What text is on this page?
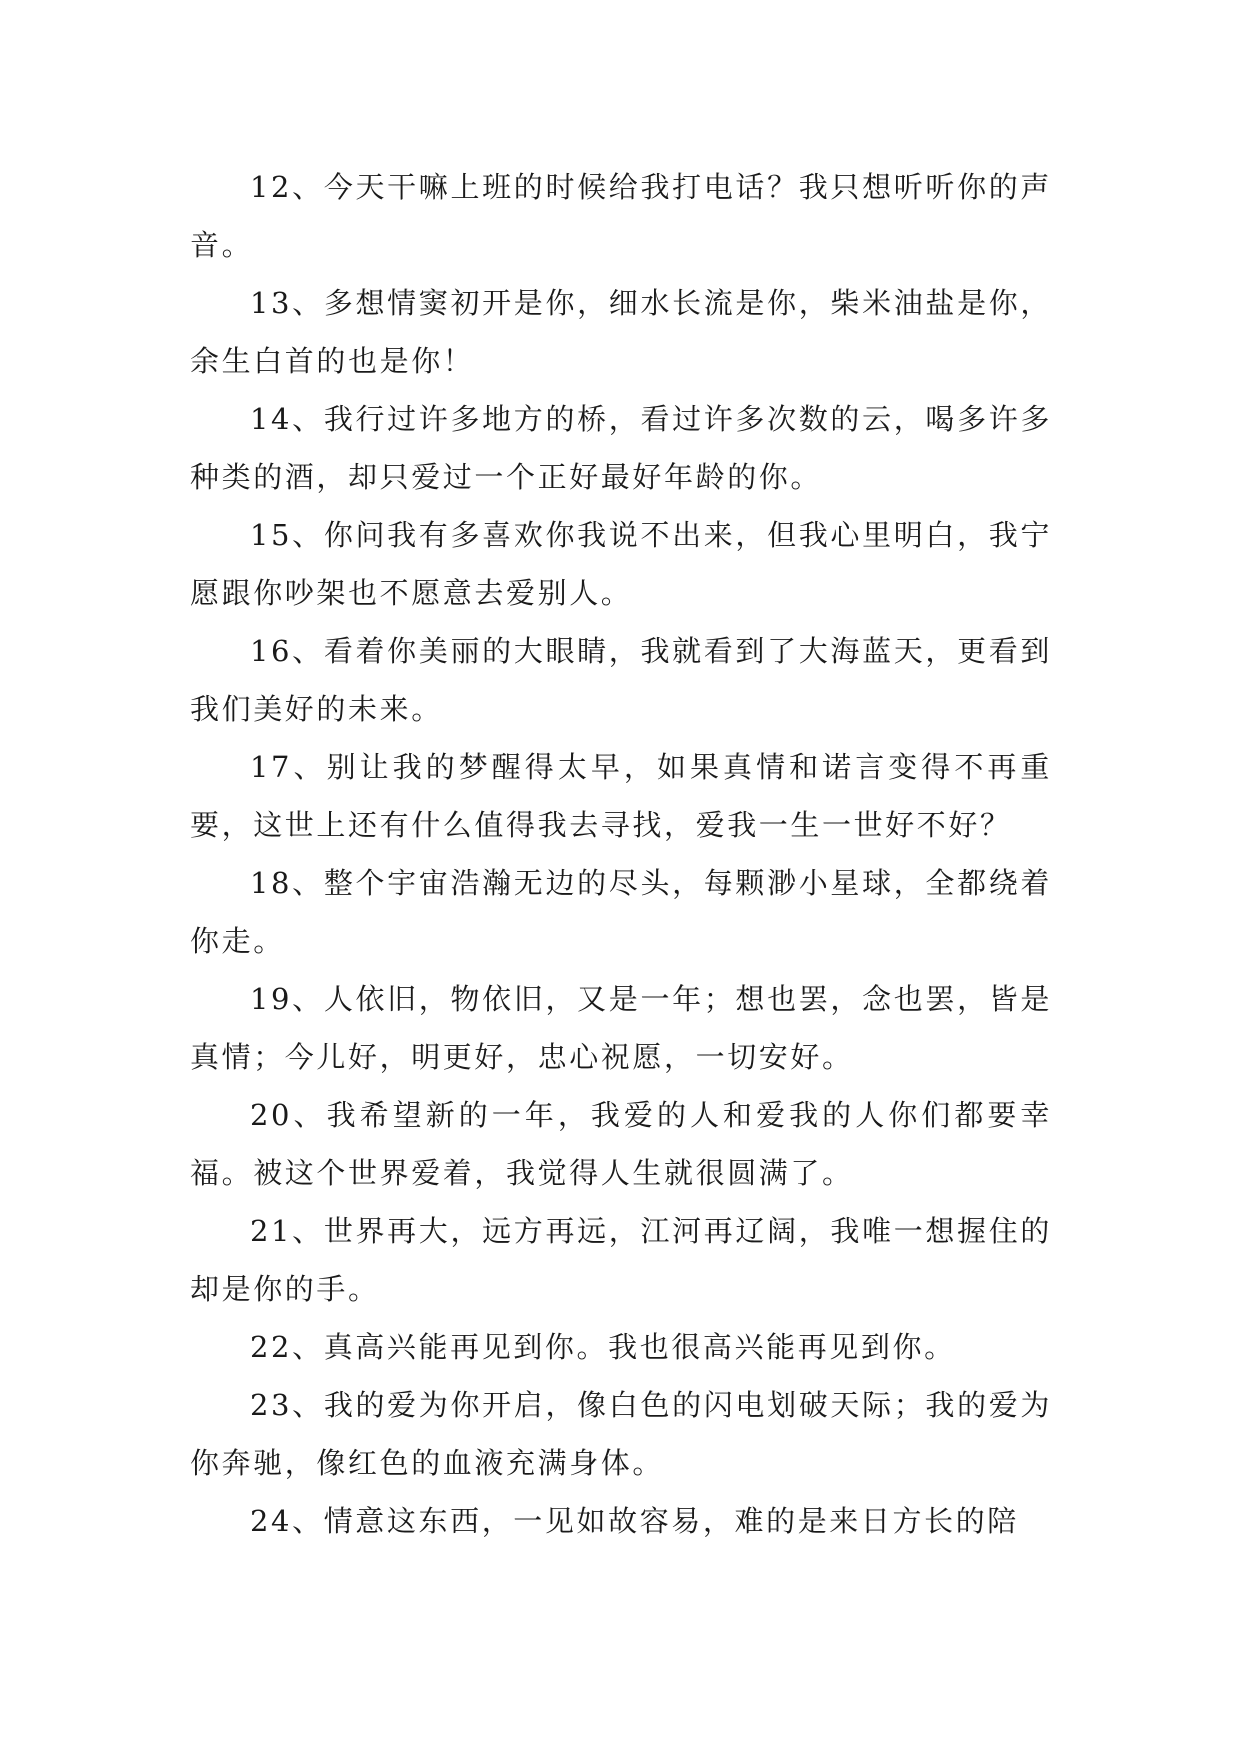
12、今天干嘛上班的时候给我打电话？我只想听听你的声音。

13、多想情窦初开是你，细水长流是你，柴米油盐是你，余生白首的也是你！

14、我行过许多地方的桥，看过许多次数的云，喝多许多种类的酒，却只爱过一个正好最好年龄的你。

15、你问我有多喜欢你我说不出来，但我心里明白，我宁愿跟你吵架也不愿意去爱别人。

16、看着你美丽的大眼睛，我就看到了大海蓝天，更看到我们美好的未来。

17、别让我的梦醒得太早，如果真情和诺言变得不再重要，这世上还有什么值得我去寻找，爱我一生一世好不好？

18、整个宇宙浩瀚无边的尽头，每颗渺小星球，全都绕着你走。

19、人依旧，物依旧，又是一年；想也罢，念也罢，皆是真情；今儿好，明更好，忠心祝愿，一切安好。

20、我希望新的一年，我爱的人和爱我的人你们都要幸福。被这个世界爱着，我觉得人生就很圆满了。

21、世界再大，远方再远，江河再辽阔，我唯一想握住的却是你的手。

22、真高兴能再见到你。我也很高兴能再见到你。

23、我的爱为你开启，像白色的闪电划破天际；我的爱为你奔驰，像红色的血液充满身体。

24、情意这东西，一见如故容易，难的是来日方长的陪
